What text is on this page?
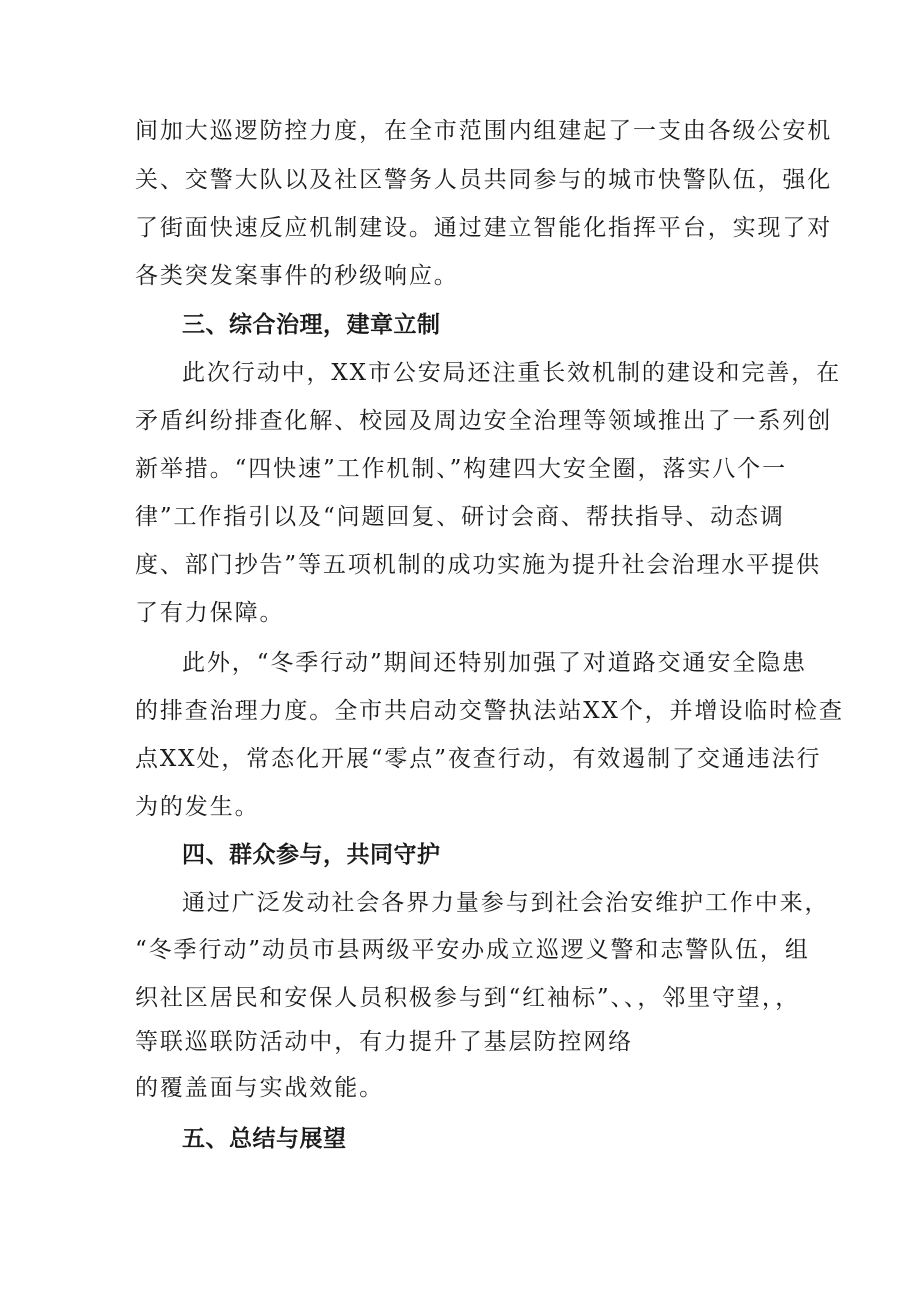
间加大巡逻防控力度，在全市范围内组建起了一支由各级公安机

关、交警大队以及社区警务人员共同参与的城市快警队伍，强化

了街面快速反应机制建设。通过建立智能化指挥平台，实现了对

各类突发案事件的秒级响应。

三、综合治理，建章立制

此次行动中，XX市公安局还注重长效机制的建设和完善，在

矛盾纠纷排查化解、校园及周边安全治理等领域推出了一系列创

新举措。“四快速”工作机制、”构建四大安全圈，落实八个一

律”工作指引以及“问题回复、研讨会商、帮扶指导、动态调

度、部门抄告”等五项机制的成功实施为提升社会治理水平提供

了有力保障。

此外，“冬季行动”期间还特别加强了对道路交通安全隐患

的排查治理力度。全市共启动交警执法站XX个，并增设临时检查

点XX处，常态化开展“零点”夜查行动，有效遏制了交通违法行

为的发生。

四、群众参与，共同守护

通过广泛发动社会各界力量参与到社会治安维护工作中来，

“冬季行动”动员市县两级平安办成立巡逻义警和志警队伍，组

织社区居民和安保人员积极参与到“红袖标”、、，邻里守望，，

等联巡联防活动中，有力提升了基层防控网络

的覆盖面与实战效能。

五、总结与展望
